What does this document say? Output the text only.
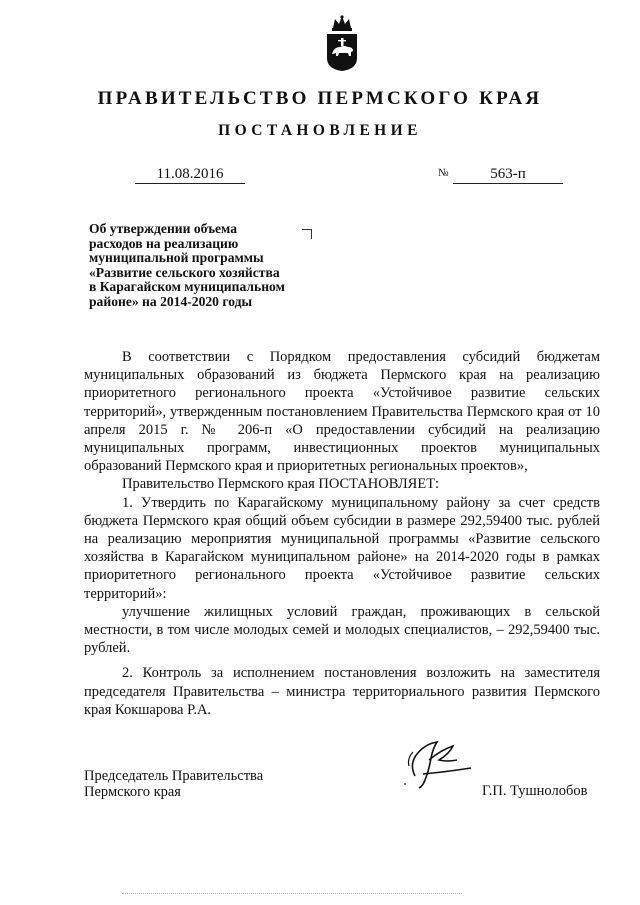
ПРАВИТЕЛЬСТВО ПЕРМСКОГО КРАЯ
ПОСТАНОВЛЕНИЕ
11.08.2016	№	563-п
Об утверждении объема
расходов на реализацию
муниципальной программы
«Развитие сельского хозяйства
в Карагайском муниципальном
районе» на 2014-2020 годы

В соответствии с Порядком предоставления субсидий бюджетам муниципальных образований из бюджета Пермского края на реализацию приоритетного регионального проекта «Устойчивое развитие сельских территорий», утвержденным постановлением Правительства Пермского края от 10 апреля 2015 г. № 206-п «О предоставлении субсидий на реализацию муниципальных программ, инвестиционных проектов муниципальных образований Пермского края и приоритетных региональных проектов»,

Правительство Пермского края ПОСТАНОВЛЯЕТ:

1. Утвердить по Карагайскому муниципальному району за счет средств бюджета Пермского края общий объем субсидии в размере 292,59400 тыс. рублей на реализацию мероприятия муниципальной программы «Развитие сельского хозяйства в Карагайском муниципальном районе» на 2014-2020 годы в рамках приоритетного регионального проекта «Устойчивое развитие сельских территорий»:

улучшение жилищных условий граждан, проживающих в сельской местности, в том числе молодых семей и молодых специалистов, – 292,59400 тыс. рублей.

2. Контроль за исполнением постановления возложить на заместителя председателя Правительства – министра территориального развития Пермского края Кокшарова Р.А.

Председатель Правительства
Пермского края	Г.П. Тушнолобов
